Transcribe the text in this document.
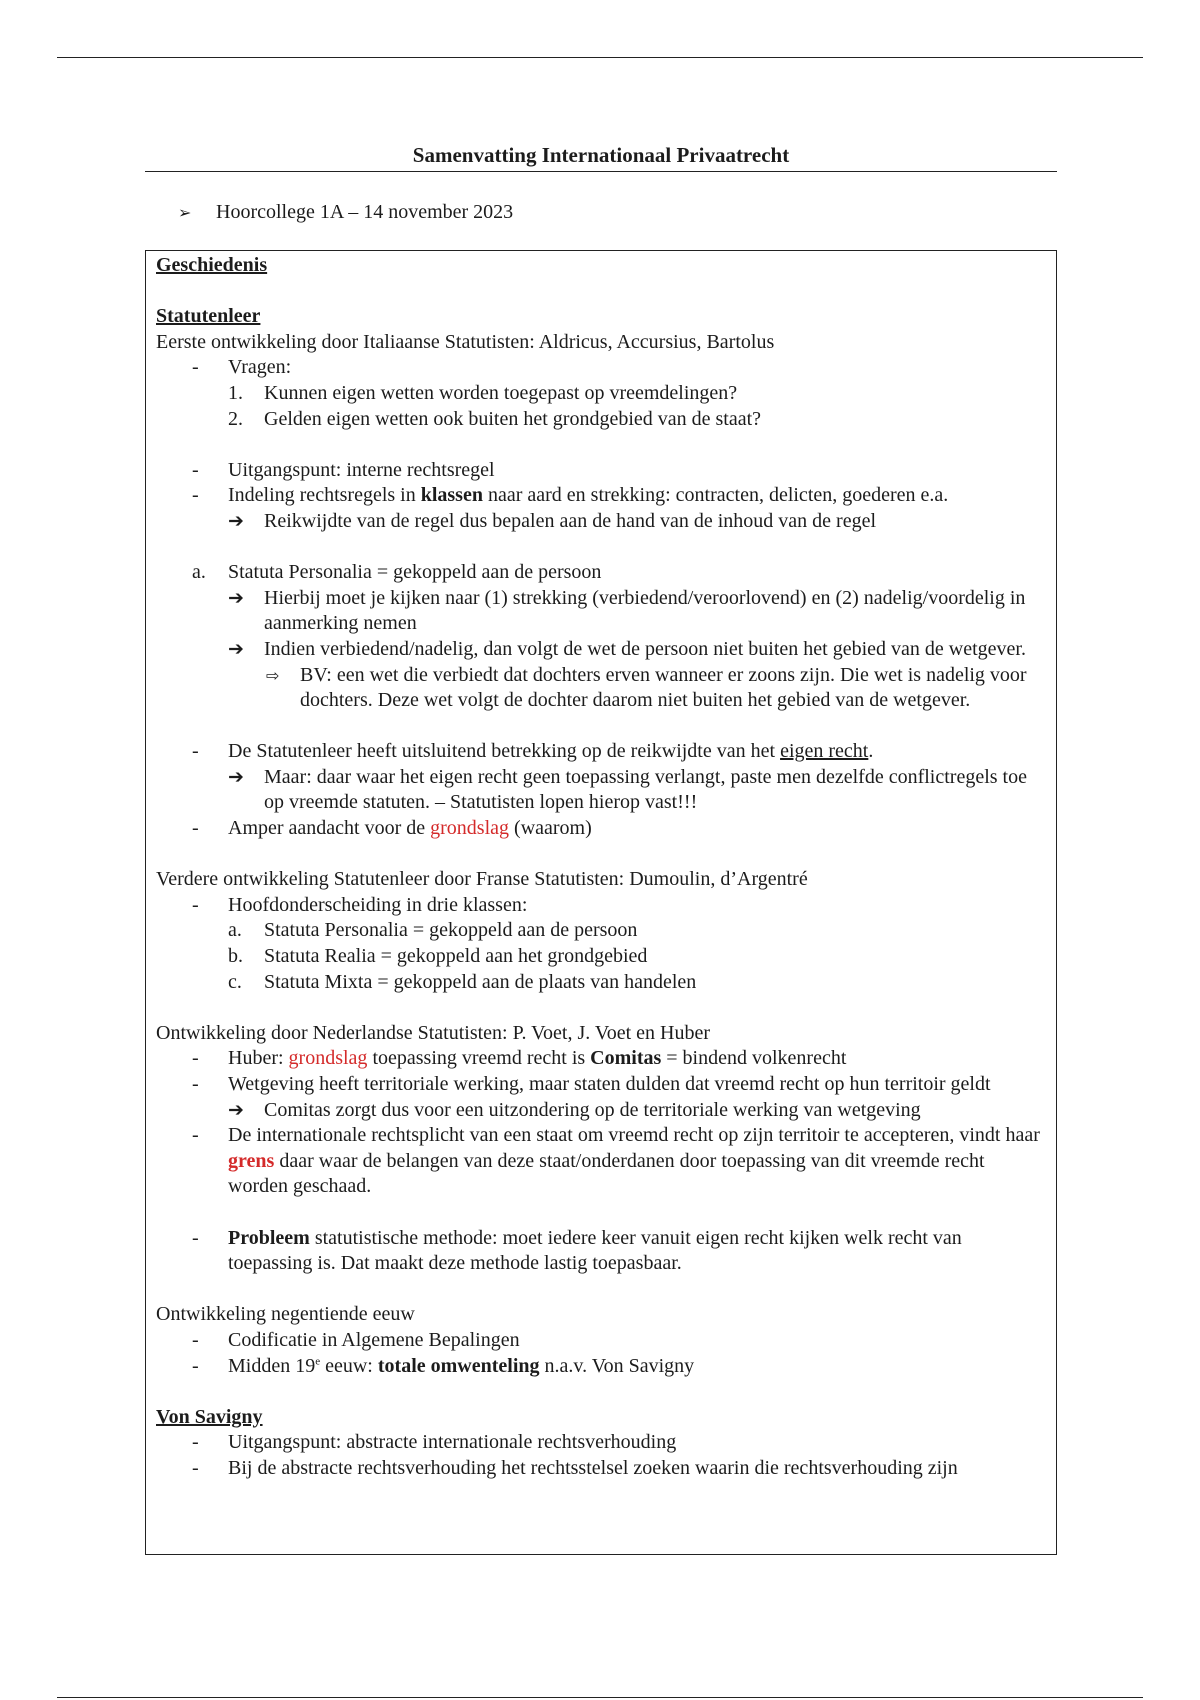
Samenvatting Internationaal Privaatrecht
➢ Hoorcollege 1A – 14 november 2023
Geschiedenis
Statutenleer
Eerste ontwikkeling door Italiaanse Statutisten: Aldricus, Accursius, Bartolus
- Vragen:
1. Kunnen eigen wetten worden toegepast op vreemdelingen?
2. Gelden eigen wetten ook buiten het grondgebied van de staat?
- Uitgangspunt: interne rechtsregel
- Indeling rechtsregels in klassen naar aard en strekking: contracten, delicten, goederen e.a.
➔ Reikwijdte van de regel dus bepalen aan de hand van de inhoud van de regel
a. Statuta Personalia = gekoppeld aan de persoon
➔ Hierbij moet je kijken naar (1) strekking (verbiedend/veroorlovend) en (2) nadelig/voordelig in aanmerking nemen
➔ Indien verbiedend/nadelig, dan volgt de wet de persoon niet buiten het gebied van de wetgever.
⇨ BV: een wet die verbiedt dat dochters erven wanneer er zoons zijn. Die wet is nadelig voor dochters. Deze wet volgt de dochter daarom niet buiten het gebied van de wetgever.
- De Statutenleer heeft uitsluitend betrekking op de reikwijdte van het eigen recht.
➔ Maar: daar waar het eigen recht geen toepassing verlangt, paste men dezelfde conflictregels toe op vreemde statuten. – Statutisten lopen hierop vast!!!
- Amper aandacht voor de grondslag (waarom)
Verdere ontwikkeling Statutenleer door Franse Statutisten: Dumoulin, d’Argentré
- Hoofdonderscheiding in drie klassen:
a. Statuta Personalia = gekoppeld aan de persoon
b. Statuta Realia = gekoppeld aan het grondgebied
c. Statuta Mixta = gekoppeld aan de plaats van handelen
Ontwikkeling door Nederlandse Statutisten: P. Voet, J. Voet en Huber
- Huber: grondslag toepassing vreemd recht is Comitas = bindend volkenrecht
- Wetgeving heeft territoriale werking, maar staten dulden dat vreemd recht op hun territoir geldt
➔ Comitas zorgt dus voor een uitzondering op de territoriale werking van wetgeving
- De internationale rechtsplicht van een staat om vreemd recht op zijn territoir te accepteren, vindt haar grens daar waar de belangen van deze staat/onderdanen door toepassing van dit vreemde recht worden geschaad.
- Probleem statutistische methode: moet iedere keer vanuit eigen recht kijken welk recht van toepassing is. Dat maakt deze methode lastig toepasbaar.
Ontwikkeling negentiende eeuw
- Codificatie in Algemene Bepalingen
- Midden 19e eeuw: totale omwenteling n.a.v. Von Savigny
Von Savigny
- Uitgangspunt: abstracte internationale rechtsverhouding
- Bij de abstracte rechtsverhouding het rechtsstelsel zoeken waarin die rechtsverhouding zijn
